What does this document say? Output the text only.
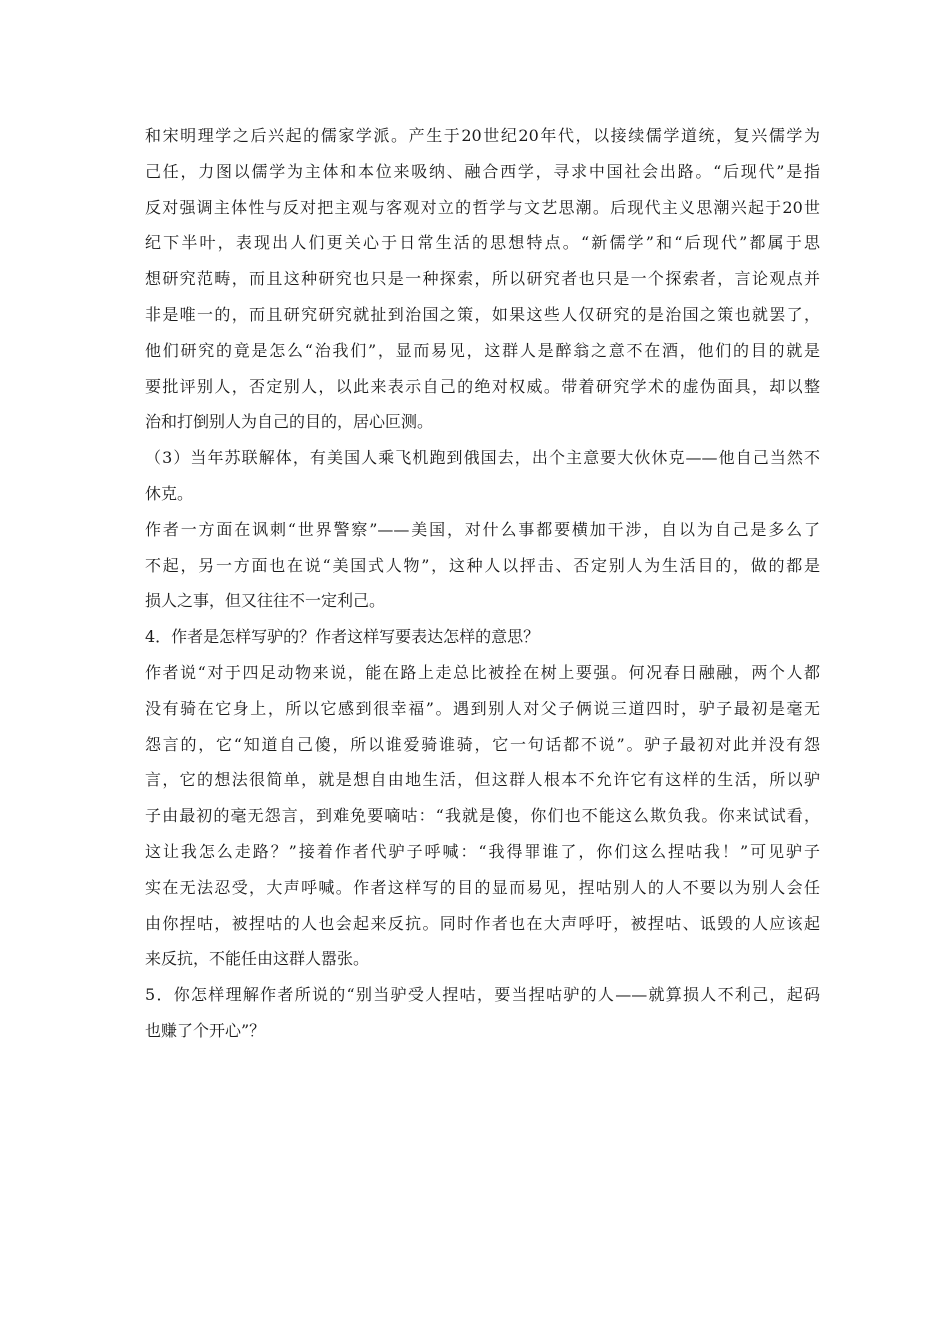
和宋明理学之后兴起的儒家学派。产生于20世纪20年代，以接续儒学道统，复兴儒学为
己任，力图以儒学为主体和本位来吸纳、融合西学，寻求中国社会出路。“后现代”是指
反对强调主体性与反对把主观与客观对立的哲学与文艺思潮。后现代主义思潮兴起于20世
纪下半叶，表现出人们更关心于日常生活的思想特点。“新儒学”和“后现代”都属于思
想研究范畴，而且这种研究也只是一种探索，所以研究者也只是一个探索者，言论观点并
非是唯一的，而且研究研究就扯到治国之策，如果这些人仅研究的是治国之策也就罢了，
他们研究的竟是怎么“治我们”，显而易见，这群人是醉翁之意不在酒，他们的目的就是
要批评别人，否定别人，以此来表示自己的绝对权威。带着研究学术的虚伪面具，却以整
治和打倒别人为自己的目的，居心叵测。
（3）当年苏联解体，有美国人乘飞机跑到俄国去，出个主意要大伙休克——他自己当然不
休克。
作者一方面在讽刺“世界警察”——美国，对什么事都要横加干涉，自以为自己是多么了
不起，另一方面也在说“美国式人物”，这种人以抨击、否定别人为生活目的，做的都是
损人之事，但又往往不一定利己。
4．作者是怎样写驴的？作者这样写要表达怎样的意思？
作者说“对于四足动物来说，能在路上走总比被拴在树上要强。何况春日融融，两个人都
没有骑在它身上，所以它感到很幸福”。遇到别人对父子俩说三道四时，驴子最初是毫无
怨言的，它“知道自己傻，所以谁爱骑谁骑，它一句话都不说”。驴子最初对此并没有怨
言，它的想法很简单，就是想自由地生活，但这群人根本不允许它有这样的生活，所以驴
子由最初的毫无怨言，到难免要嘀咕：“我就是傻，你们也不能这么欺负我。你来试试看，
这让我怎么走路？”接着作者代驴子呼喊：“我得罪谁了，你们这么捏咕我！”可见驴子
实在无法忍受，大声呼喊。作者这样写的目的显而易见，捏咕别人的人不要以为别人会任
由你捏咕，被捏咕的人也会起来反抗。同时作者也在大声呼吁，被捏咕、诋毁的人应该起
来反抗，不能任由这群人嚣张。
5．你怎样理解作者所说的“别当驴受人捏咕，要当捏咕驴的人——就算损人不利己，起码
也赚了个开心”？
